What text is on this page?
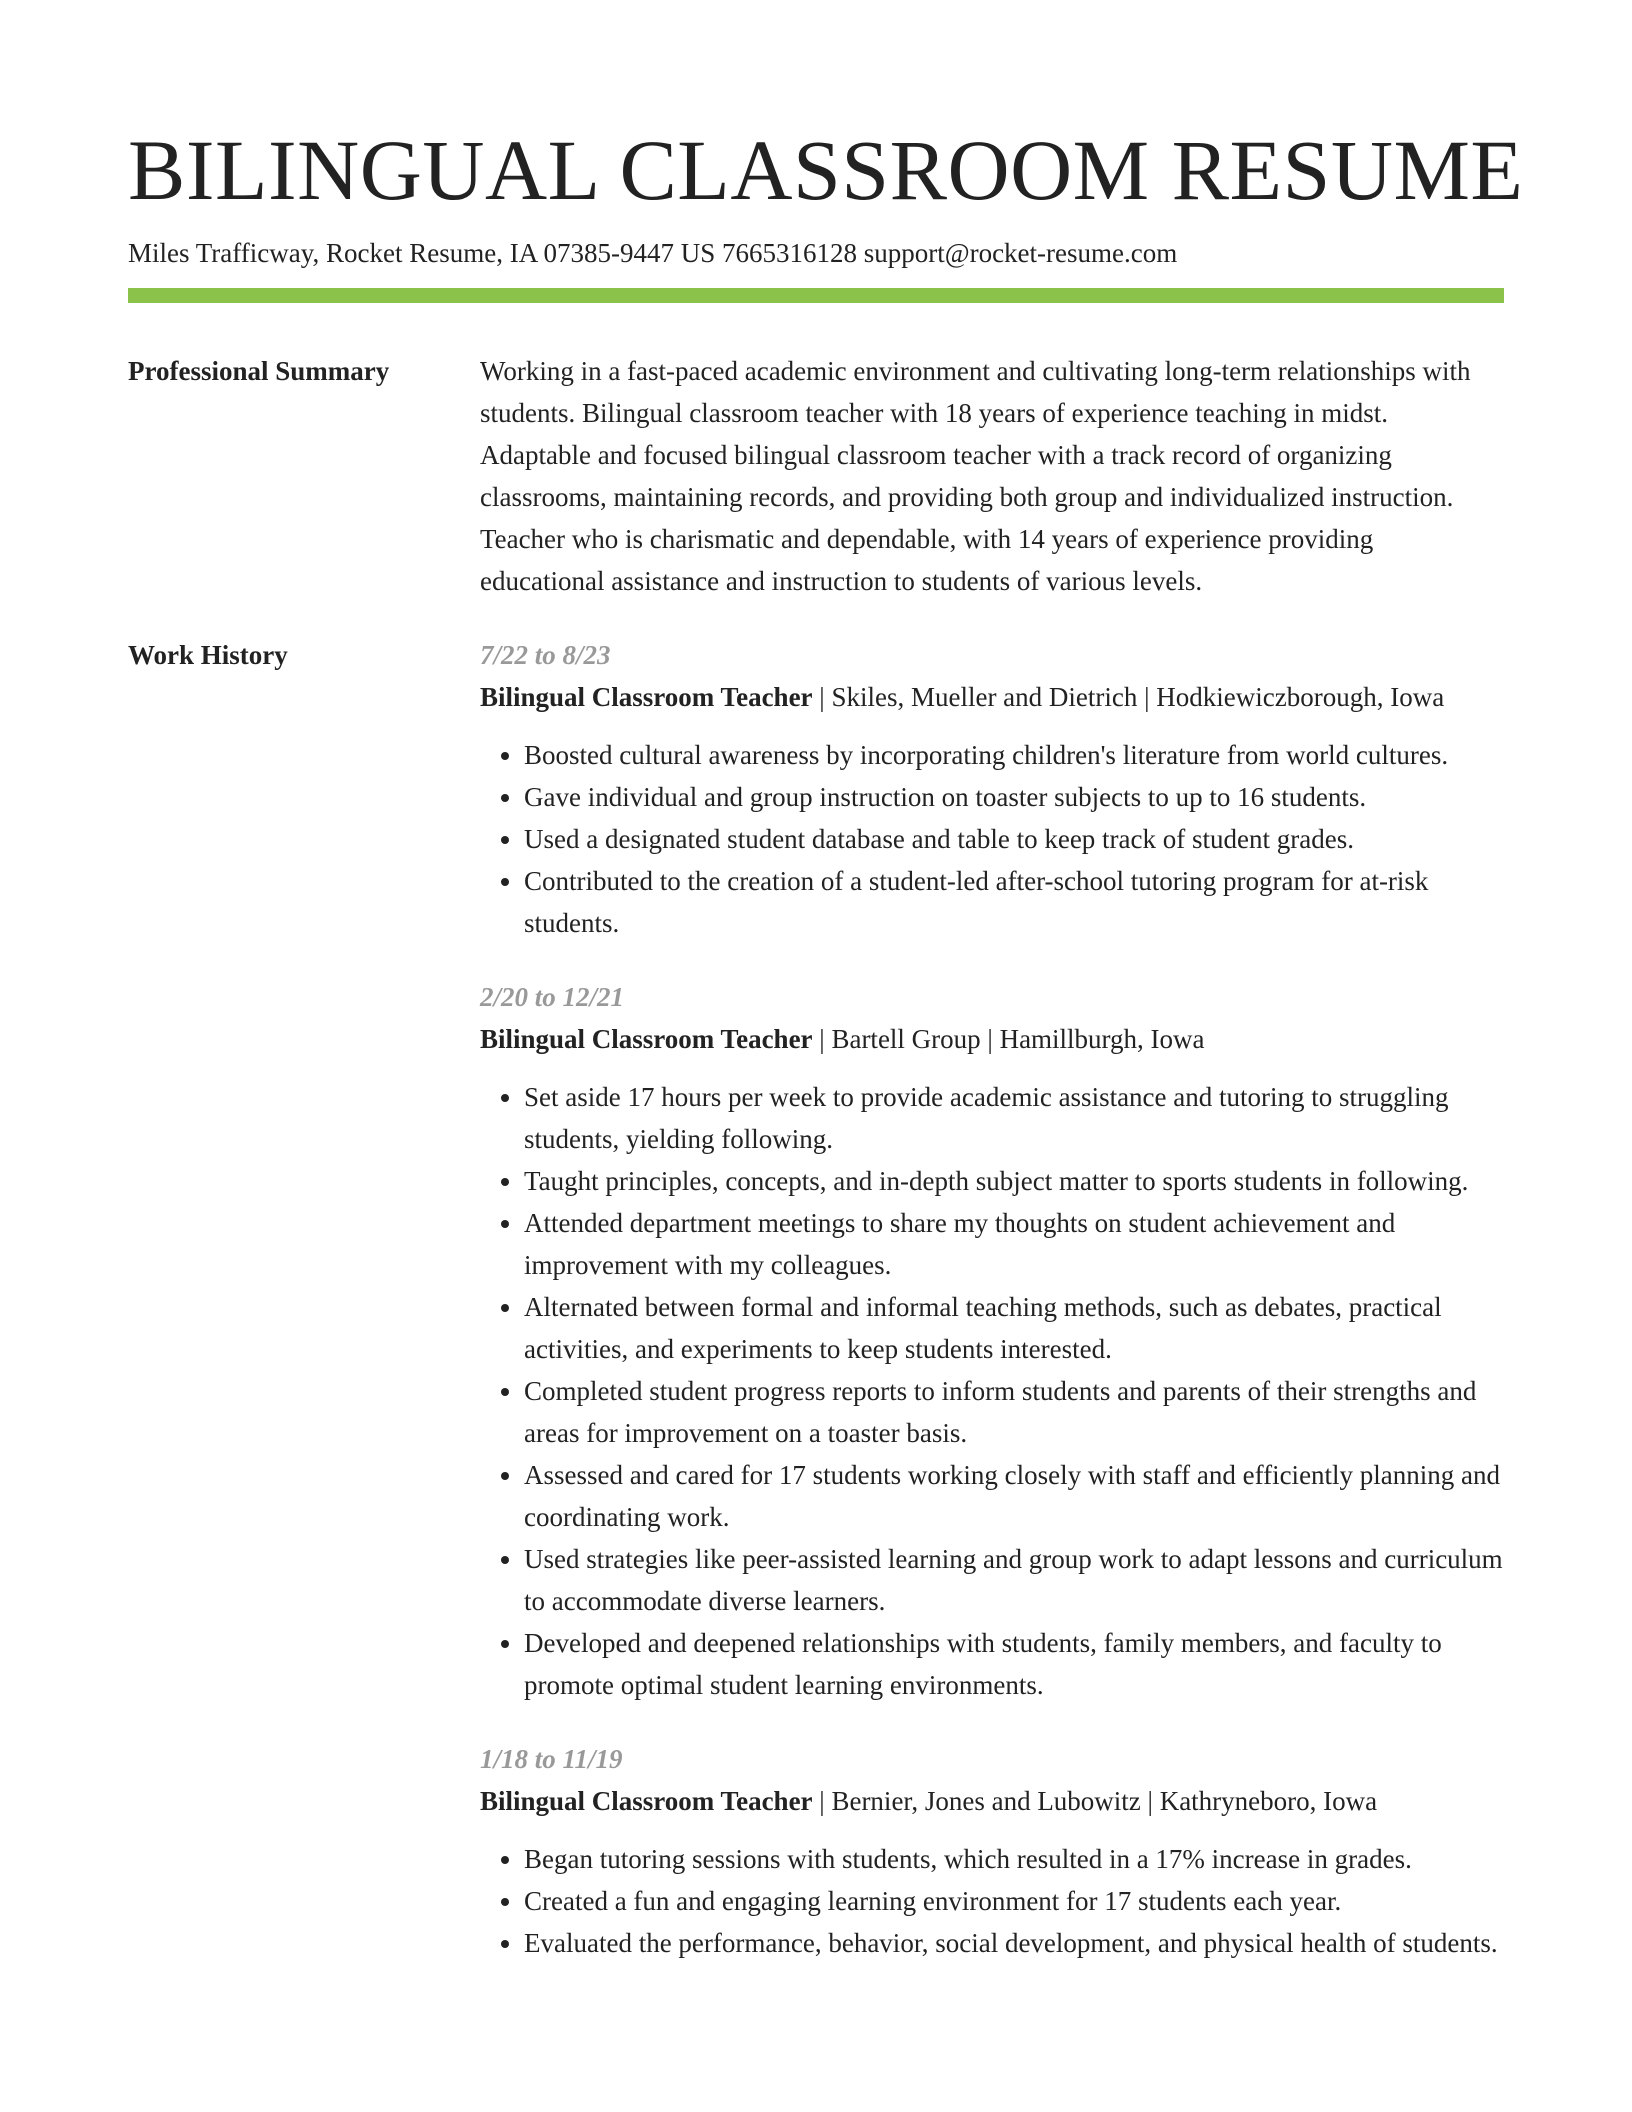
BILINGUAL CLASSROOM RESUME
Miles Trafficway, Rocket Resume, IA 07385-9447 US 7665316128 support@rocket-resume.com
Professional Summary	Working in a fast-paced academic environment and cultivating long-term relationships with students. Bilingual classroom teacher with 18 years of experience teaching in midst. Adaptable and focused bilingual classroom teacher with a track record of organizing classrooms, maintaining records, and providing both group and individualized instruction. Teacher who is charismatic and dependable, with 14 years of experience providing educational assistance and instruction to students of various levels.

Work History	7/22 to 8/23
Bilingual Classroom Teacher | Skiles, Mueller and Dietrich | Hodkiewiczborough, Iowa
• Boosted cultural awareness by incorporating children's literature from world cultures.
• Gave individual and group instruction on toaster subjects to up to 16 students.
• Used a designated student database and table to keep track of student grades.
• Contributed to the creation of a student-led after-school tutoring program for at-risk students.
2/20 to 12/21
Bilingual Classroom Teacher | Bartell Group | Hamillburgh, Iowa
• Set aside 17 hours per week to provide academic assistance and tutoring to struggling students, yielding following.
• Taught principles, concepts, and in-depth subject matter to sports students in following.
• Attended department meetings to share my thoughts on student achievement and improvement with my colleagues.
• Alternated between formal and informal teaching methods, such as debates, practical activities, and experiments to keep students interested.
• Completed student progress reports to inform students and parents of their strengths and areas for improvement on a toaster basis.
• Assessed and cared for 17 students working closely with staff and efficiently planning and coordinating work.
• Used strategies like peer-assisted learning and group work to adapt lessons and curriculum to accommodate diverse learners.
• Developed and deepened relationships with students, family members, and faculty to promote optimal student learning environments.
1/18 to 11/19
Bilingual Classroom Teacher | Bernier, Jones and Lubowitz | Kathryneboro, Iowa
• Began tutoring sessions with students, which resulted in a 17% increase in grades.
• Created a fun and engaging learning environment for 17 students each year.
• Evaluated the performance, behavior, social development, and physical health of students.
